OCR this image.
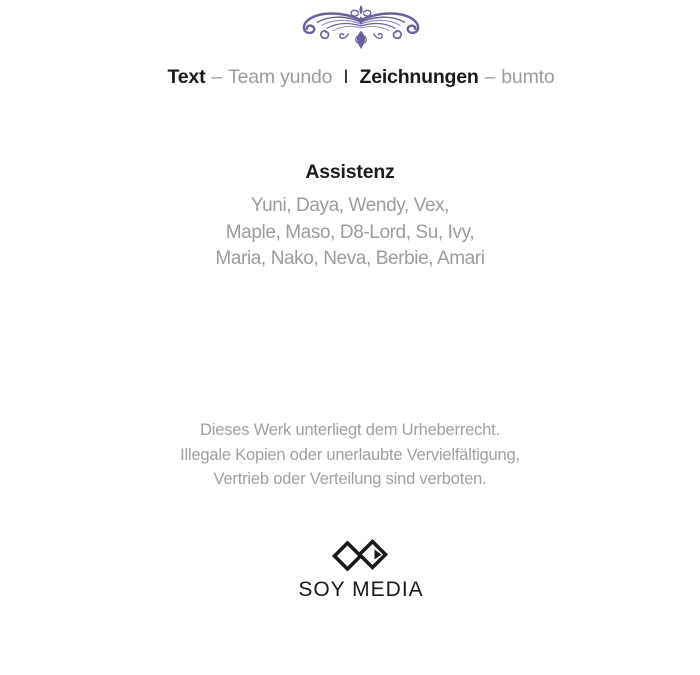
Text – Team yundo I Zeichnungen – bumto
Assistenz
Yuni, Daya, Wendy, Vex,
Maple, Maso, D8-Lord, Su, Ivy,
Maria, Nako, Neva, Berbie, Amari
Dieses Werk unterliegt dem Urheberrecht.
Illegale Kopien oder unerlaubte Vervielfältigung,
Vertrieb oder Verteilung sind verboten.
SOY MEDIA
